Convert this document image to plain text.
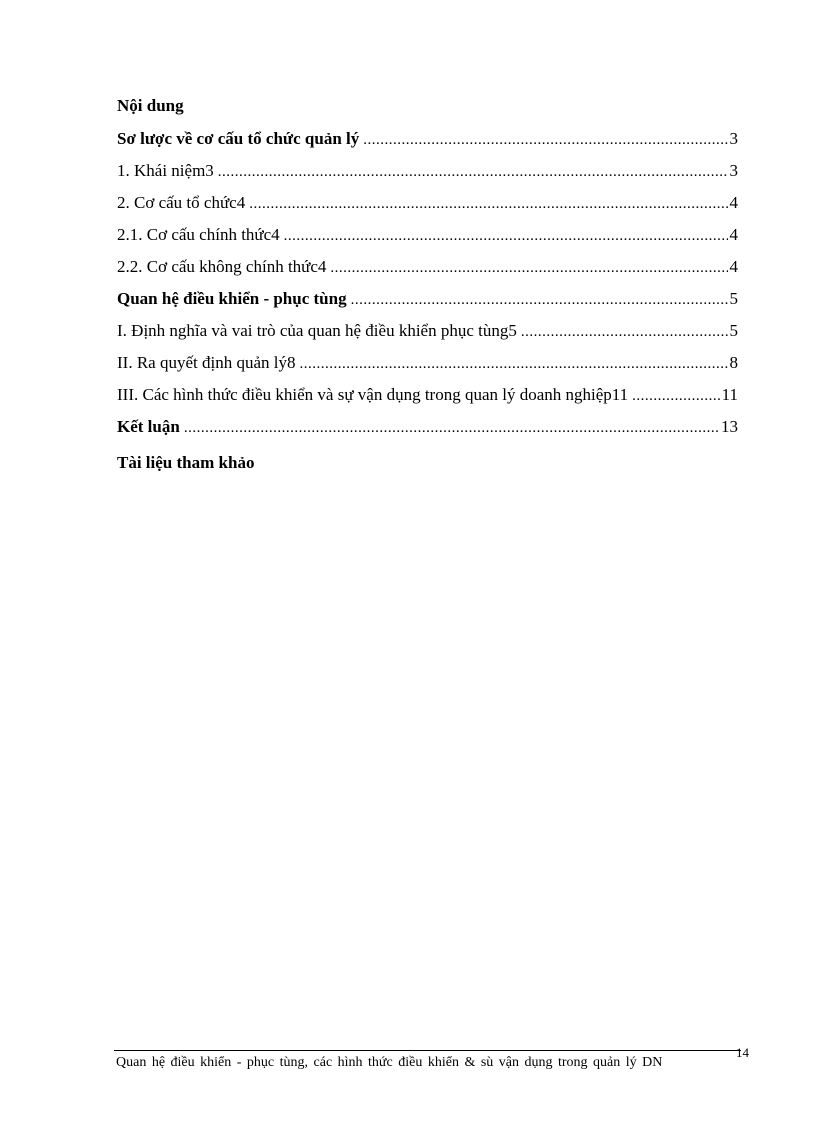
Nội dung
Sơ lược về cơ cấu tổ chức quản lý .....	3
1. Khái niệm3 .....	3
2. Cơ cấu tổ chức4 .....	4
2.1. Cơ cấu chính thức4 .....	4
2.2. Cơ cấu không chính thức4 .....	4
Quan hệ điều khiển - phục tùng .....	5
I. Định nghĩa và vai trò của quan hệ điều khiển phục tùng5 .....	5
II. Ra quyết định quản lý8 .....	8
III. Các hình thức điều khiển và sự vận dụng trong quan lý doanh nghiệp11 .....	11
Kết luận .....	13
Tài liệu tham khảo
Quan hệ điều khiển - phục tùng, các hình thức điều khiển & sù vận dụng trong quản lý DN
14
